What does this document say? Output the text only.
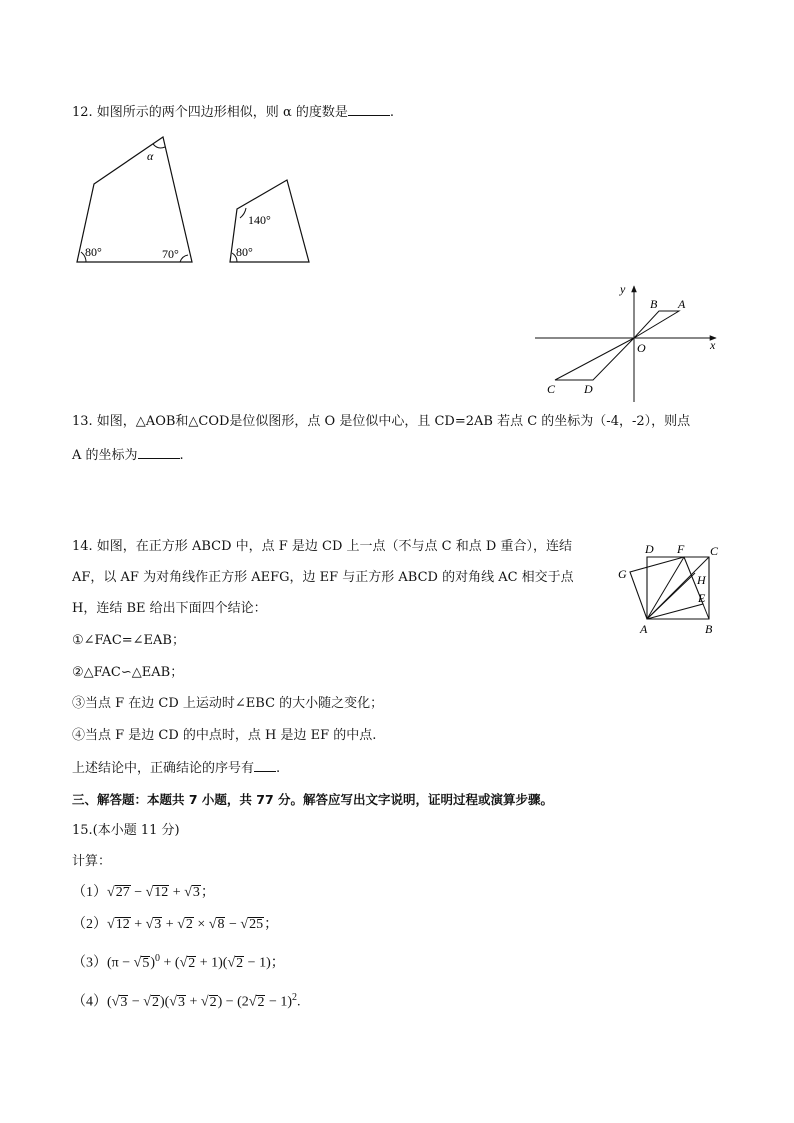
12. 如图所示的两个四边形相似，则 α 的度数是	.
α
80°	70°
140°
80°
y
x
O
B A
C D
13. 如图，△AOB和△COD是位似图形，点 O 是位似中心，且 CD=2AB 若点 C 的坐标为（-4，-2），则点
A 的坐标为	.
14. 如图，在正方形 ABCD 中，点 F 是边 CD 上一点（不与点 C 和点 D 重合），连结
AF，以 AF 为对角线作正方形 AEFG，边 EF 与正方形 ABCD 的对角线 AC 相交于点
H，连结 BE 给出下面四个结论：
①∠FAC=∠EAB；
②△FAC∽△EAB；
③当点 F 在边 CD 上运动时∠EBC 的大小随之变化；
④当点 F 是边 CD 的中点时，点 H 是边 EF 的中点.
上述结论中，正确结论的序号有 .
D F C
G	H
E
A	B
三、解答题：本题共 7 小题，共 77 分。解答应写出文字说明，证明过程或演算步骤。
15.(本小题 11 分)
计算：
（1）√27 − √12 + √3；
（2）√12 + √3 + √2 × √8 − √25；
$(3)(\pi - √5)^0 + (√2 + 1)(√2 - 1)$；
$(4)(√3 - √2)(√3 + √2) - (2√2 - 1)^2$.
